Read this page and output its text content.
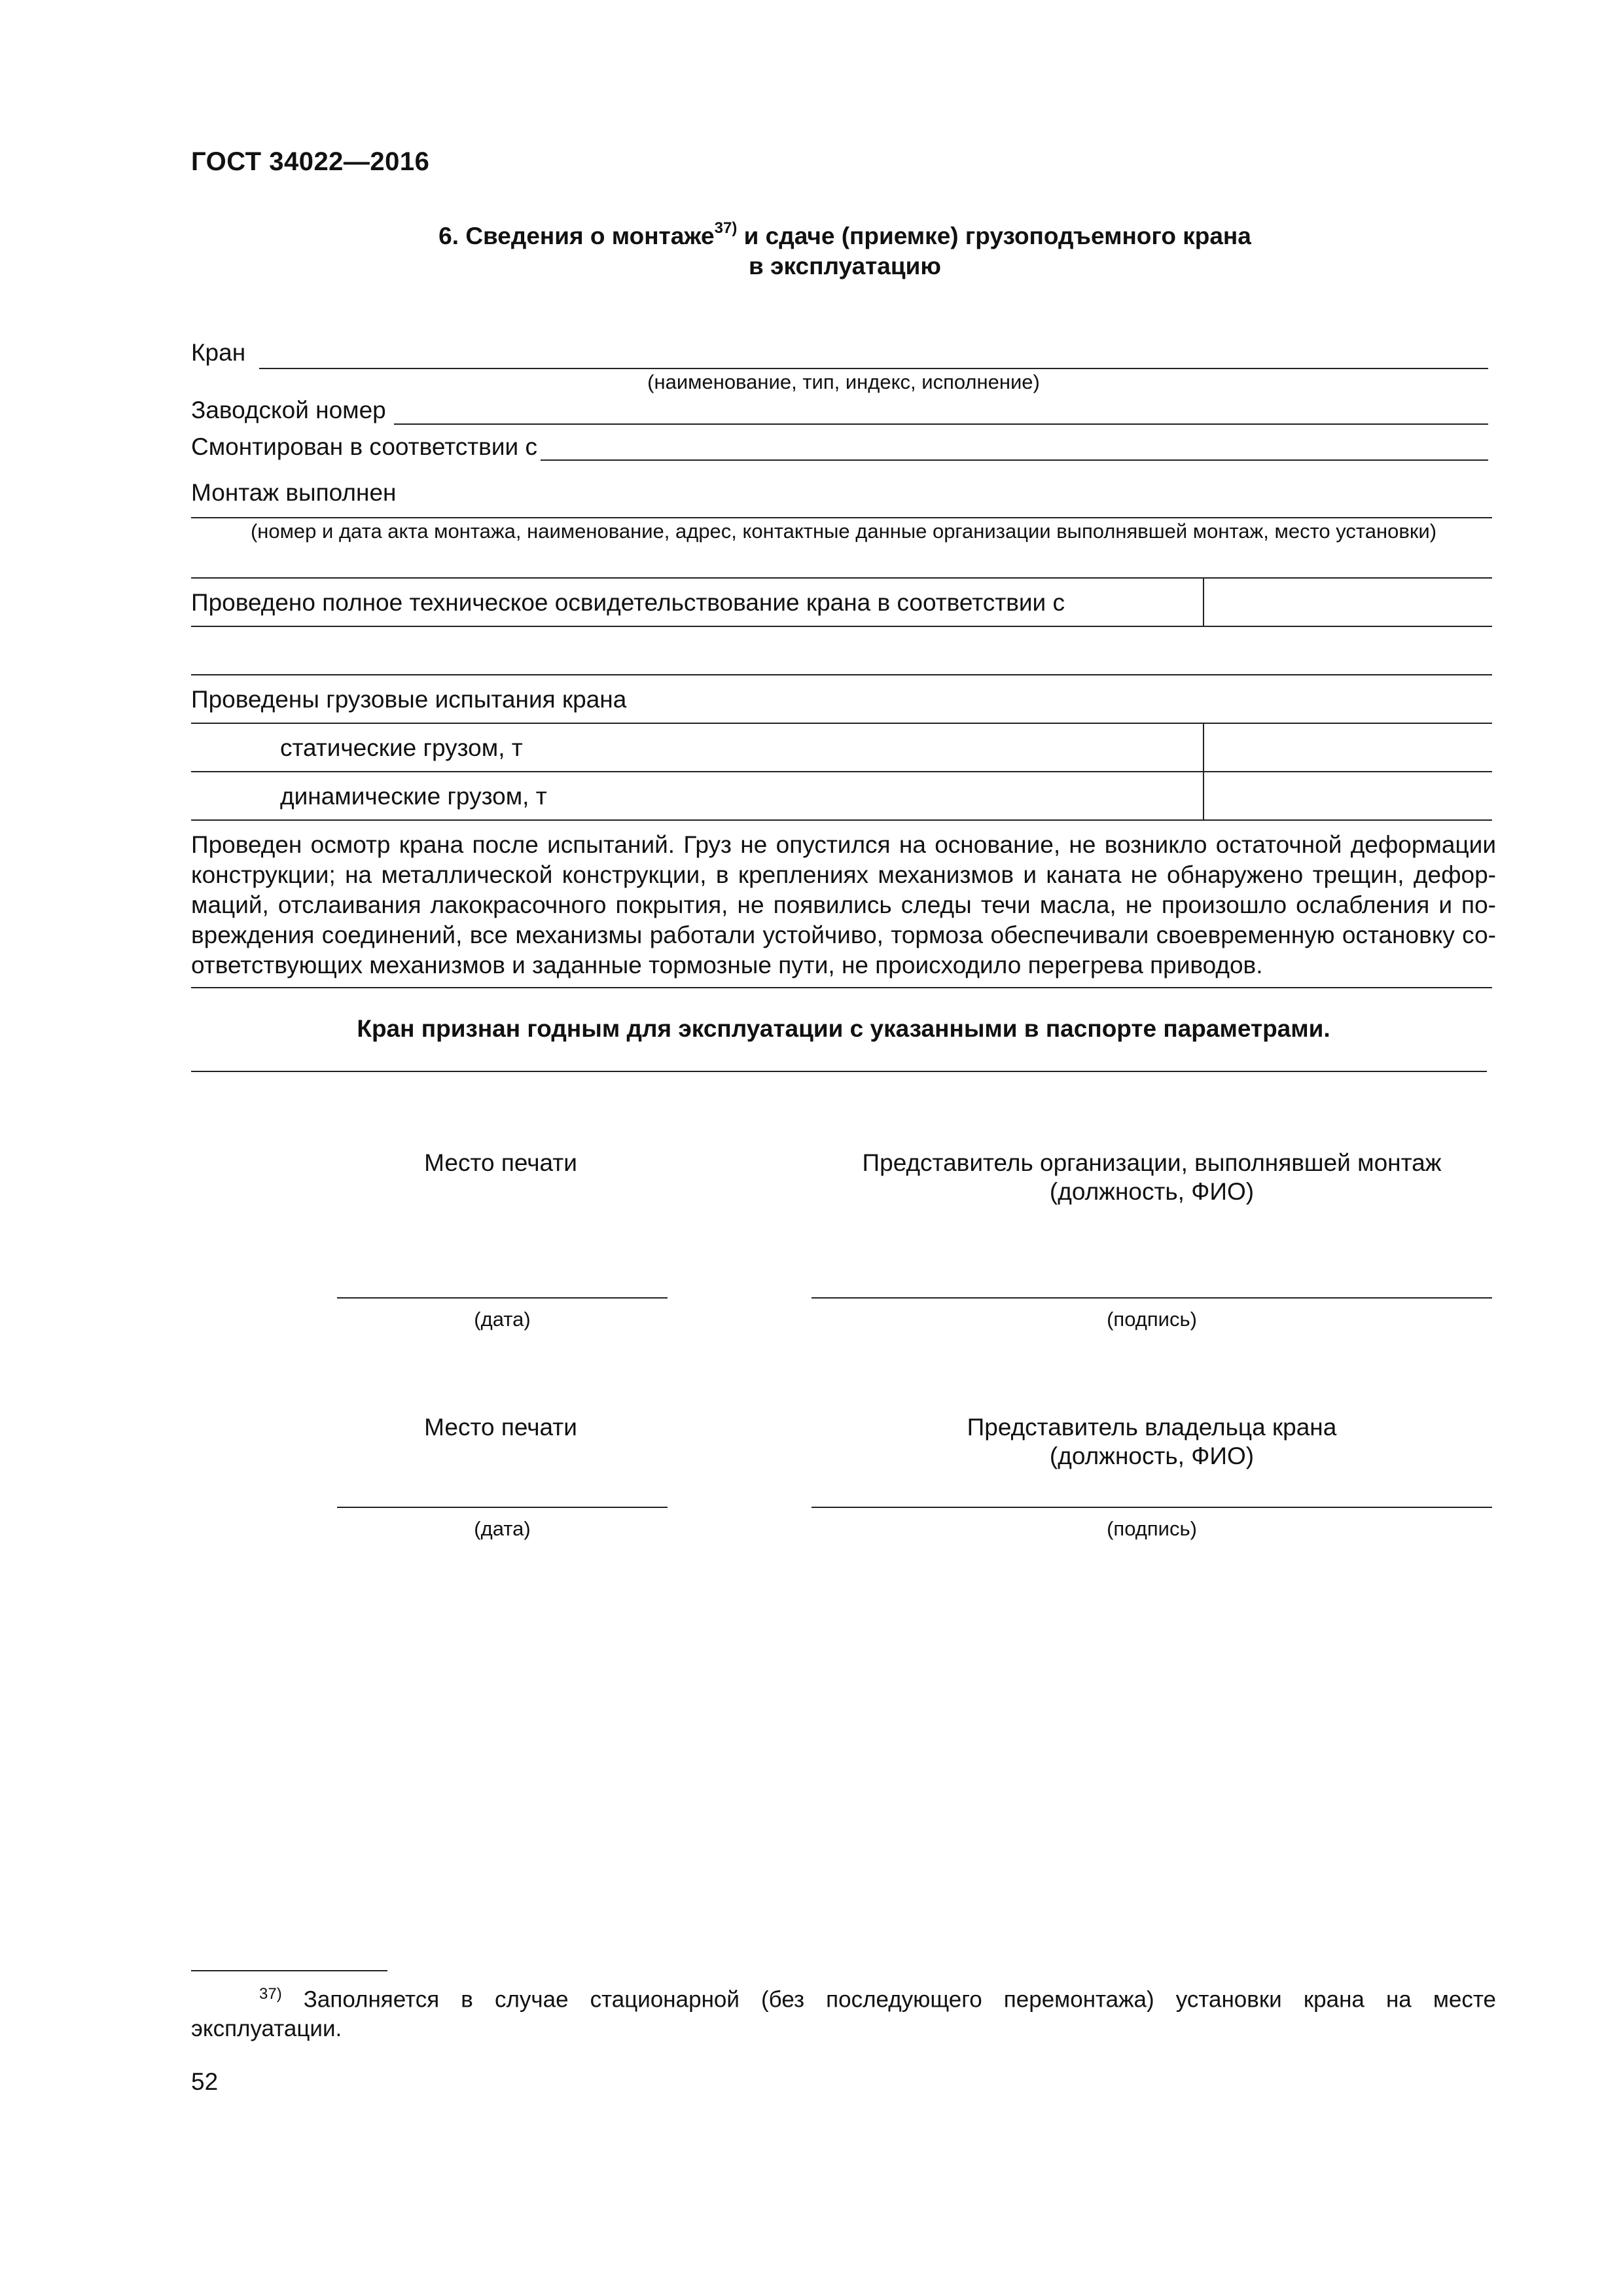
ГОСТ 34022—2016
6. Сведения о монтаже$^{37)}$ и сдаче (приемке) грузоподъемного крана
в эксплуатацию
Кран
(наименование, тип, индекс, исполнение)
Заводской номер
Смонтирован в соответствии с
Монтаж выполнен
(номер и дата акта монтажа, наименование, адрес, контактные данные организации выполнявшей монтаж, место установки)
Проведено полное техническое освидетельствование крана в соответствии с
Проведены грузовые испытания крана
статические грузом, т
динамические грузом, т
Проведен осмотр крана после испытаний. Груз не опустился на основание, не возникло остаточной деформации
конструкции; на металлической конструкции, в креплениях механизмов и каната не обнаружено трещин, дефор-
маций, отслаивания лакокрасочного покрытия, не появились следы течи масла, не произошло ослабления и по-
вреждения соединений, все механизмы работали устойчиво, тормоза обеспечивали своевременную остановку со-
ответствующих механизмов и заданные тормозные пути, не происходило перегрева приводов.
Кран признан годным для эксплуатации с указанными в паспорте параметрами.
Место печати	Представитель организации, выполнявшей монтаж
(должность, ФИО)
(дата)	(подпись)
Место печати	Представитель владельца крана
(должность, ФИО)
(дата)	(подпись)
$^{37)}$ Заполняется в случае стационарной (без последующего перемонтажа) установки крана на месте
эксплуатации.
52
